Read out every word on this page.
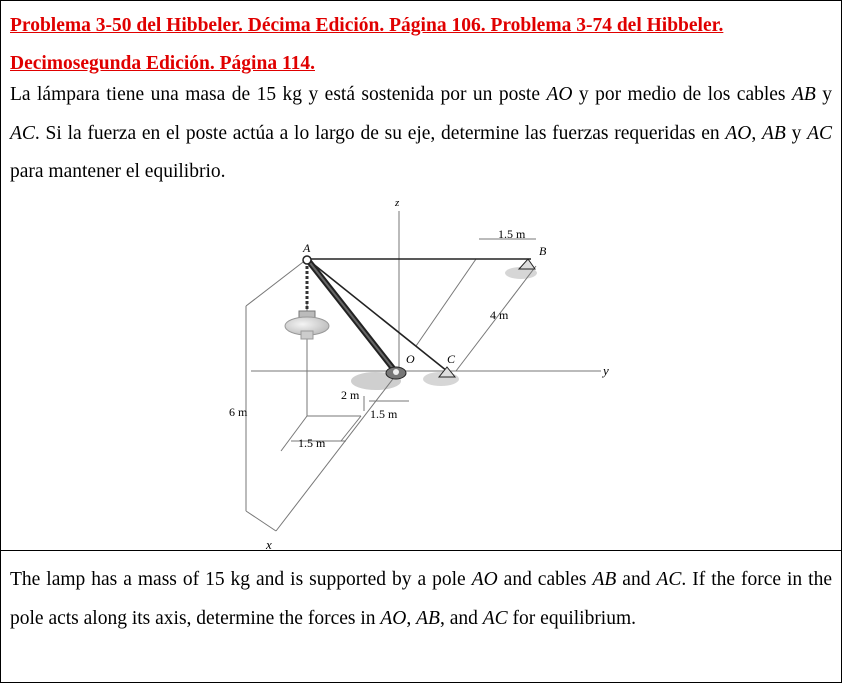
Problema 3-50 del Hibbeler. Décima Edición. Página 106. Problema 3-74 del Hibbeler.
Decimosegunda Edición. Página 114.

La lámpara tiene una masa de 15 kg y está sostenida por un poste AO y por medio de los cables AB y AC. Si la fuerza en el poste actúa a lo largo de su eje, determine las fuerzas requeridas en AO, AB y AC para mantener el equilibrio.

z
y
x
A	B
C
O
1.5 m
4 m
2 m
1.5 m
1.5 m
6 m

The lamp has a mass of 15 kg and is supported by a pole AO and cables AB and AC. If the force in the pole acts along its axis, determine the forces in AO, AB, and AC for equilibrium.
